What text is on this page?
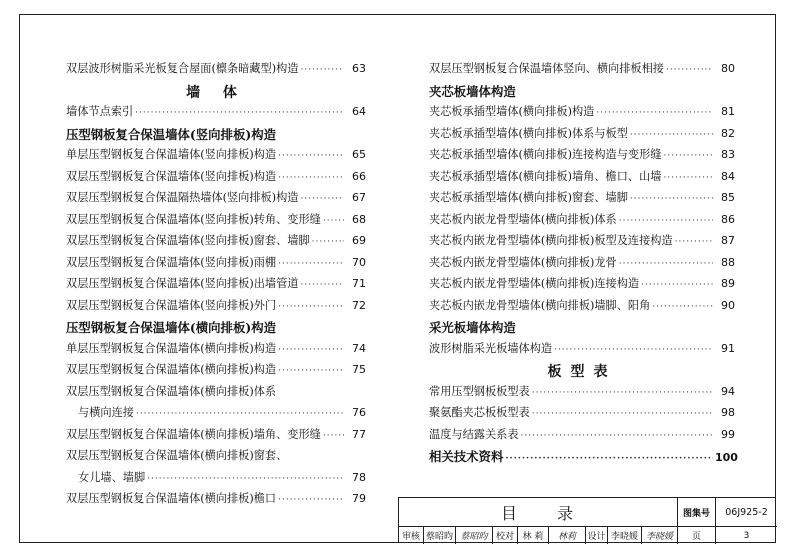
双层波形树脂采光板复合屋面(檩条暗藏型)构造 ·····	63
墙 体
墙体节点索引 ·····	64
压型钢板复合保温墙体(竖向排板)构造
单层压型钢板复合保温墙体(竖向排板)构造 ·····	65
双层压型钢板复合保温墙体(竖向排板)构造 ·····	66
双层压型钢板复合保温隔热墙体(竖向排板)构造 ·····	67
双层压型钢板复合保温墙体(竖向排板)转角、变形缝 ·····	68
双层压型钢板复合保温墙体(竖向排板)窗套、墙脚 ·····	69
双层压型钢板复合保温墙体(竖向排板)雨棚 ·····	70
双层压型钢板复合保温墙体(竖向排板)出墙管道 ·····	71
双层压型钢板复合保温墙体(竖向排板)外门 ·····	72
压型钢板复合保温墙体(横向排板)构造
单层压型钢板复合保温墙体(横向排板)构造 ·····	74
双层压型钢板复合保温墙体(横向排板)构造 ·····	75
双层压型钢板复合保温墙体(横向排板)体系
与横向连接 ·····	76
双层压型钢板复合保温墙体(横向排板)墙角、变形缝 ·····	77
双层压型钢板复合保温墙体(横向排板)窗套、
女儿墙、墙脚 ·····	78
双层压型钢板复合保温墙体(横向排板)檐口 ·····	79
双层压型钢板复合保温墙体竖向、横向排板相接 ·····	80
夹芯板墙体构造
夹芯板承插型墙体(横向排板)构造 ·····	81
夹芯板承插型墙体(横向排板)体系与板型 ·····	82
夹芯板承插型墙体(横向排板)连接构造与变形缝 ·····	83
夹芯板承插型墙体(横向排板)墙角、檐口、山墙 ·····	84
夹芯板承插型墙体(横向排板)窗套、墙脚 ·····	85
夹芯板内嵌龙骨型墙体(横向排板)体系 ·····	86
夹芯板内嵌龙骨型墙体(横向排板)板型及连接构造 ·····	87
夹芯板内嵌龙骨型墙体(横向排板)龙骨 ·····	88
夹芯板内嵌龙骨型墙体(横向排板)连接构造 ·····	89
夹芯板内嵌龙骨型墙体(横向排板)墙脚、阳角 ·····	90
采光板墙体构造
波形树脂采光板墙体构造 ·····	91
板型表
常用压型钢板板型表 ·····	94
聚氨酯夹芯板板型表 ·····	98
温度与结露关系表 ·····	99
相关技术资料 ·····	100
目录	图集号	06J925-2
审核 蔡昭昀 蔡昭昀 校对 林 莉	林莉	设计 李晓媛 李晓媛	页	3
